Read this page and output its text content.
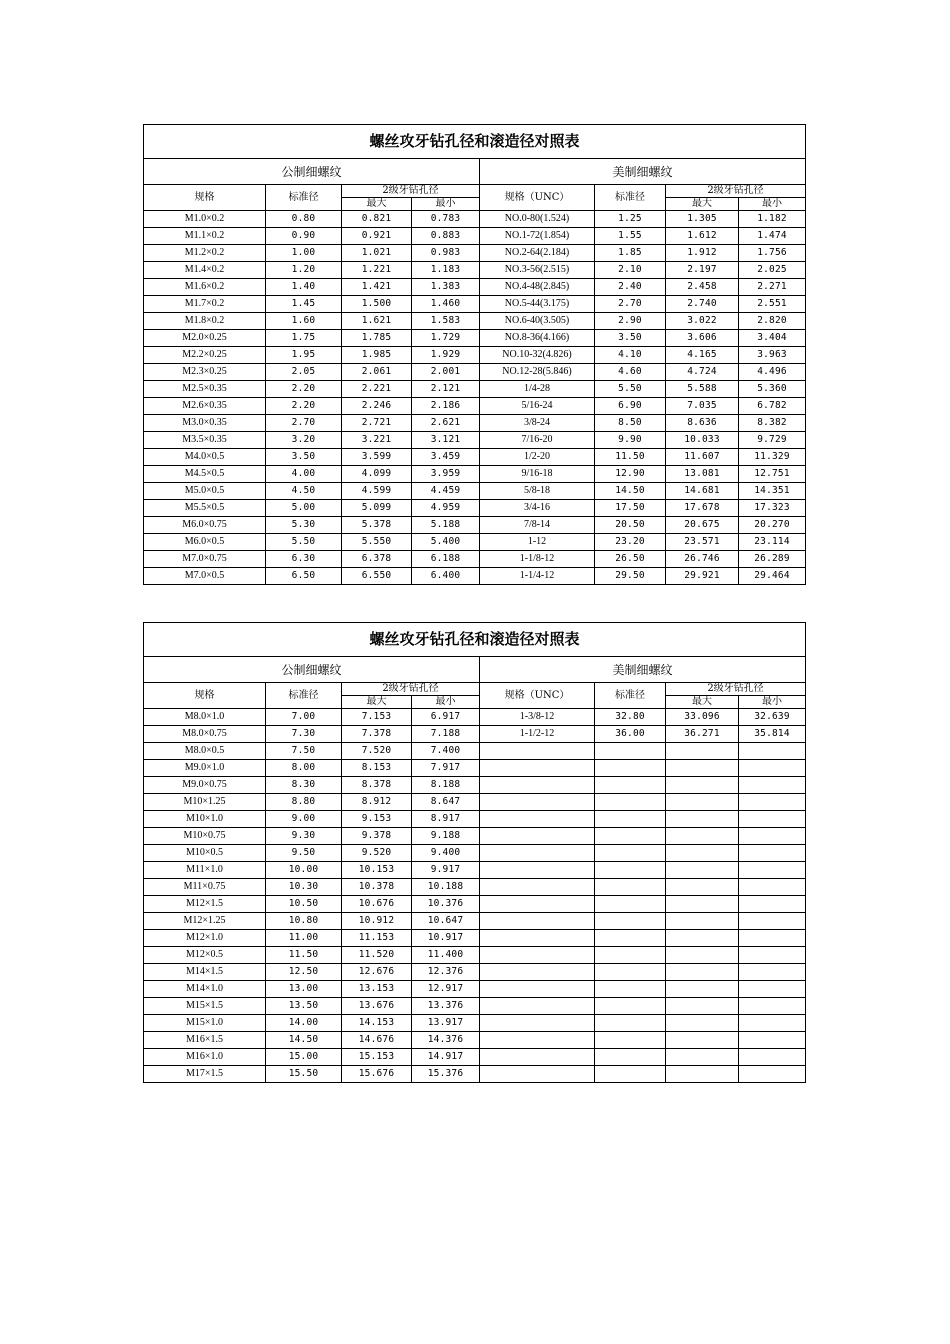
螺丝攻牙钻孔径和滚造径对照表							
公制细螺纹				美制细螺纹			
规格	标准径	2级牙钻孔径		规格（UNC）	标准径	2级牙钻孔径	
		最大	最小			最大	最小
M1.0×0.2	0.80	0.821	0.783	NO.0-80(1.524)	1.25	1.305	1.182
M1.1×0.2	0.90	0.921	0.883	NO.1-72(1.854)	1.55	1.612	1.474
M1.2×0.2	1.00	1.021	0.983	NO.2-64(2.184)	1.85	1.912	1.756
M1.4×0.2	1.20	1.221	1.183	NO.3-56(2.515)	2.10	2.197	2.025
M1.6×0.2	1.40	1.421	1.383	NO.4-48(2.845)	2.40	2.458	2.271
M1.7×0.2	1.45	1.500	1.460	NO.5-44(3.175)	2.70	2.740	2.551
M1.8×0.2	1.60	1.621	1.583	NO.6-40(3.505)	2.90	3.022	2.820
M2.0×0.25	1.75	1.785	1.729	NO.8-36(4.166)	3.50	3.606	3.404
M2.2×0.25	1.95	1.985	1.929	NO.10-32(4.826)	4.10	4.165	3.963
M2.3×0.25	2.05	2.061	2.001	NO.12-28(5.846)	4.60	4.724	4.496
M2.5×0.35	2.20	2.221	2.121	1/4-28	5.50	5.588	5.360
M2.6×0.35	2.20	2.246	2.186	5/16-24	6.90	7.035	6.782
M3.0×0.35	2.70	2.721	2.621	3/8-24	8.50	8.636	8.382
M3.5×0.35	3.20	3.221	3.121	7/16-20	9.90	10.033	9.729
M4.0×0.5	3.50	3.599	3.459	1/2-20	11.50	11.607	11.329
M4.5×0.5	4.00	4.099	3.959	9/16-18	12.90	13.081	12.751
M5.0×0.5	4.50	4.599	4.459	5/8-18	14.50	14.681	14.351
M5.5×0.5	5.00	5.099	4.959	3/4-16	17.50	17.678	17.323
M6.0×0.75	5.30	5.378	5.188	7/8-14	20.50	20.675	20.270
M6.0×0.5	5.50	5.550	5.400	1-12	23.20	23.571	23.114
M7.0×0.75	6.30	6.378	6.188	1-1/8-12	26.50	26.746	26.289
M7.0×0.5	6.50	6.550	6.400	1-1/4-12	29.50	29.921	29.464
螺丝攻牙钻孔径和滚造径对照表							
公制细螺纹				美制细螺纹			
规格	标准径	2级牙钻孔径		规格（UNC）	标准径	2级牙钻孔径	
		最大	最小			最大	最小
M8.0×1.0	7.00	7.153	6.917	1-3/8-12	32.80	33.096	32.639
M8.0×0.75	7.30	7.378	7.188	1-1/2-12	36.00	36.271	35.814
M8.0×0.5	7.50	7.520	7.400				
M9.0×1.0	8.00	8.153	7.917				
M9.0×0.75	8.30	8.378	8.188				
M10×1.25	8.80	8.912	8.647				
M10×1.0	9.00	9.153	8.917				
M10×0.75	9.30	9.378	9.188				
M10×0.5	9.50	9.520	9.400				
M11×1.0	10.00	10.153	9.917				
M11×0.75	10.30	10.378	10.188				
M12×1.5	10.50	10.676	10.376				
M12×1.25	10.80	10.912	10.647				
M12×1.0	11.00	11.153	10.917				
M12×0.5	11.50	11.520	11.400				
M14×1.5	12.50	12.676	12.376				
M14×1.0	13.00	13.153	12.917				
M15×1.5	13.50	13.676	13.376				
M15×1.0	14.00	14.153	13.917				
M16×1.5	14.50	14.676	14.376				
M16×1.0	15.00	15.153	14.917				
M17×1.5	15.50	15.676	15.376				
